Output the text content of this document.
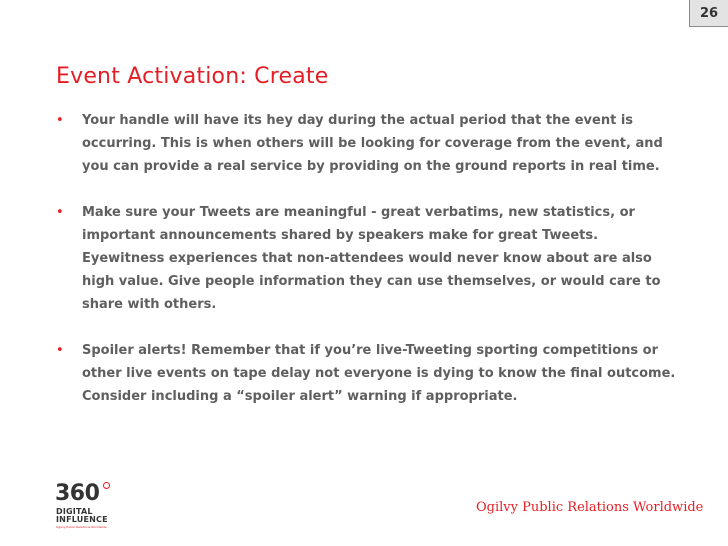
26
Event Activation: Create
• Your handle will have its hey day during the actual period that the event is occurring. This is when others will be looking for coverage from the event, and you can provide a real service by providing on the ground reports in real time.
• Make sure your Tweets are meaningful - great verbatims, new statistics, or important announcements shared by speakers make for great Tweets. Eyewitness experiences that non-attendees would never know about are also high value. Give people information they can use themselves, or would care to share with others.
• Spoiler alerts! Remember that if you’re live-Tweeting sporting competitions or other live events on tape delay not everyone is dying to know the final outcome. Consider including a “spoiler alert” warning if appropriate.
360
DIGITAL
INFLUENCE
Ogilvy Public Relations Worldwide
Ogilvy Public Relations Worldwide
